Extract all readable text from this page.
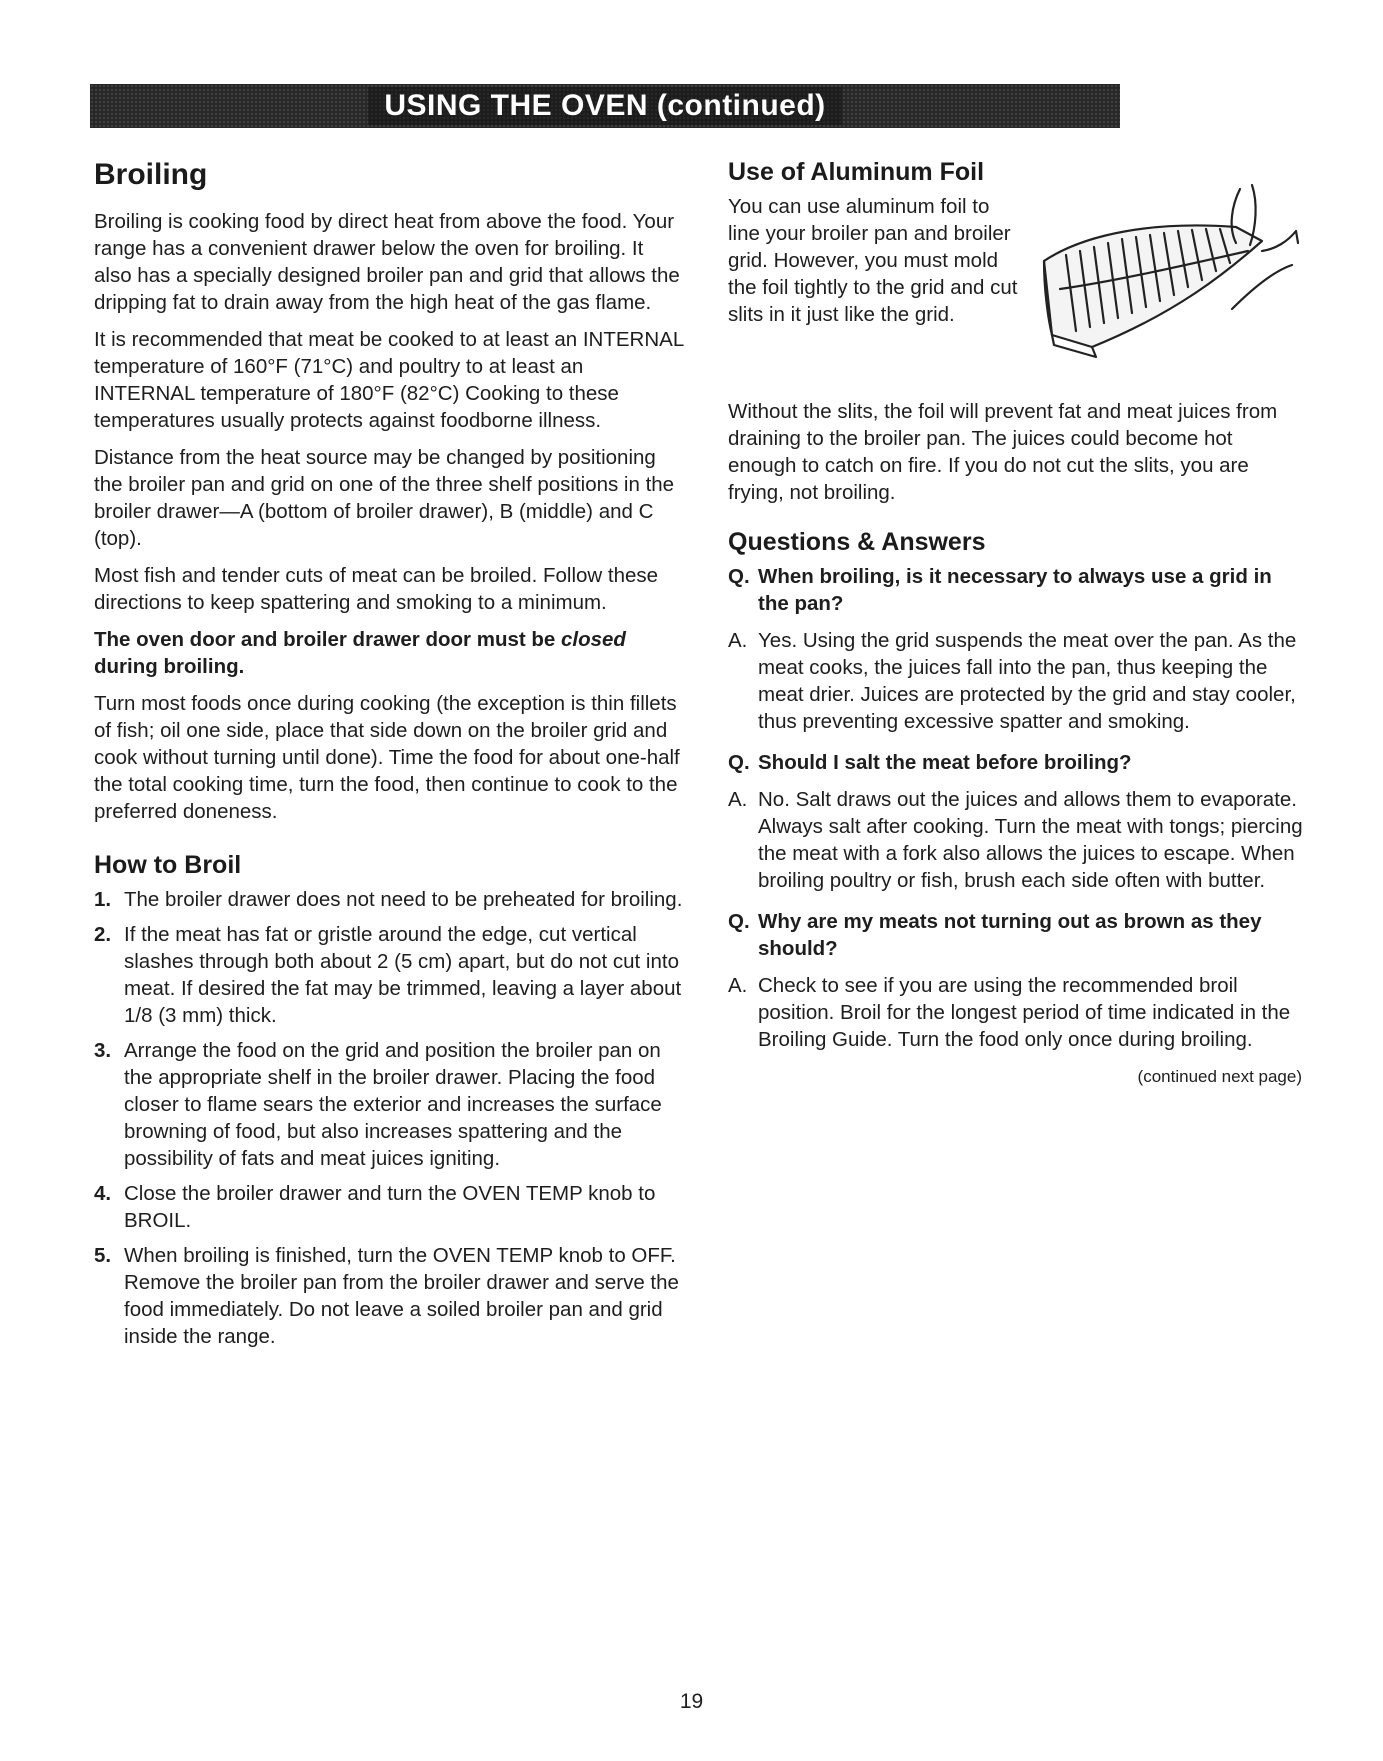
USING THE OVEN (continued)
Broiling

Broiling is cooking food by direct heat from above the food. Your range has a convenient drawer below the oven for broiling. It also has a specially designed broiler pan and grid that allows the dripping fat to drain away from the high heat of the gas flame.

It is recommended that meat be cooked to at least an INTERNAL temperature of 160°F (71°C) and poultry to at least an INTERNAL temperature of 180°F (82°C) Cooking to these temperatures usually protects against foodborne illness.

Distance from the heat source may be changed by positioning the broiler pan and grid on one of the three shelf positions in the broiler drawer—A (bottom of broiler drawer), B (middle) and C (top).

Most fish and tender cuts of meat can be broiled. Follow these directions to keep spattering and smoking to a minimum.

The oven door and broiler drawer door must be closed during broiling.

Turn most foods once during cooking (the exception is thin fillets of fish; oil one side, place that side down on the broiler grid and cook without turning until done). Time the food for about one-half the total cooking time, turn the food, then continue to cook to the preferred doneness.

How to Broil
1. The broiler drawer does not need to be preheated for broiling.
2. If the meat has fat or gristle around the edge, cut vertical slashes through both about 2 (5 cm) apart, but do not cut into meat. If desired the fat may be trimmed, leaving a layer about 1/8 (3 mm) thick.
3. Arrange the food on the grid and position the broiler pan on the appropriate shelf in the broiler drawer. Placing the food closer to flame sears the exterior and increases the surface browning of food, but also increases spattering and the possibility of fats and meat juices igniting.
4. Close the broiler drawer and turn the OVEN TEMP knob to BROIL.
5. When broiling is finished, turn the OVEN TEMP knob to OFF. Remove the broiler pan from the broiler drawer and serve the food immediately. Do not leave a soiled broiler pan and grid inside the range.
Use of Aluminum Foil

You can use aluminum foil to line your broiler pan and broiler grid. However, you must mold the foil tightly to the grid and cut slits in it just like the grid.

Without the slits, the foil will prevent fat and meat juices from draining to the broiler pan. The juices could become hot enough to catch on fire. If you do not cut the slits, you are frying, not broiling.

Questions & Answers
Q. When broiling, is it necessary to always use a grid in the pan?
A. Yes. Using the grid suspends the meat over the pan. As the meat cooks, the juices fall into the pan, thus keeping the meat drier. Juices are protected by the grid and stay cooler, thus preventing excessive spatter and smoking.
Q. Should I salt the meat before broiling?
A. No. Salt draws out the juices and allows them to evaporate. Always salt after cooking. Turn the meat with tongs; piercing the meat with a fork also allows the juices to escape. When broiling poultry or fish, brush each side often with butter.
Q. Why are my meats not turning out as brown as they should?
A. Check to see if you are using the recommended broil position. Broil for the longest period of time indicated in the Broiling Guide. Turn the food only once during broiling.
(continued next page)
19
